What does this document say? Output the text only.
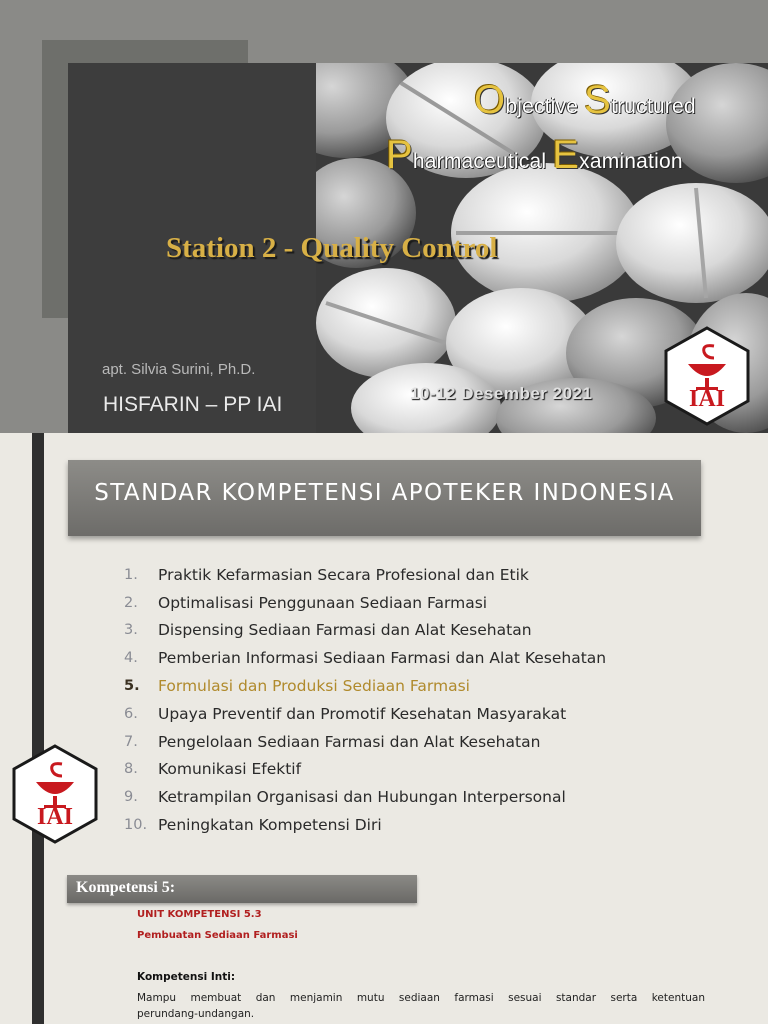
Objective Structured
Pharmaceutical Examination
Station 2 - Quality Control
apt. Silvia Surini, Ph.D.
HISFARIN – PP IAI	10-12 Desember 2021	IAI
STANDAR KOMPETENSI APOTEKER INDONESIA
1.	Praktik Kefarmasian Secara Profesional dan Etik
2.	Optimalisasi Penggunaan Sediaan Farmasi
3.	Dispensing Sediaan Farmasi dan Alat Kesehatan
4.	Pemberian Informasi Sediaan Farmasi dan Alat Kesehatan
5.	Formulasi dan Produksi Sediaan Farmasi
6.	Upaya Preventif dan Promotif Kesehatan Masyarakat
7.	Pengelolaan Sediaan Farmasi dan Alat Kesehatan
8.	Komunikasi Efektif
9.	Ketrampilan Organisasi dan Hubungan Interpersonal
10. Peningkatan Kompetensi Diri
IAI
Kompetensi 5:
UNIT KOMPETENSI 5.3
Pembuatan Sediaan Farmasi
Kompetensi Inti:
Mampu membuat dan menjamin mutu sediaan farmasi sesuai standar serta ketentuan
perundang-undangan.
